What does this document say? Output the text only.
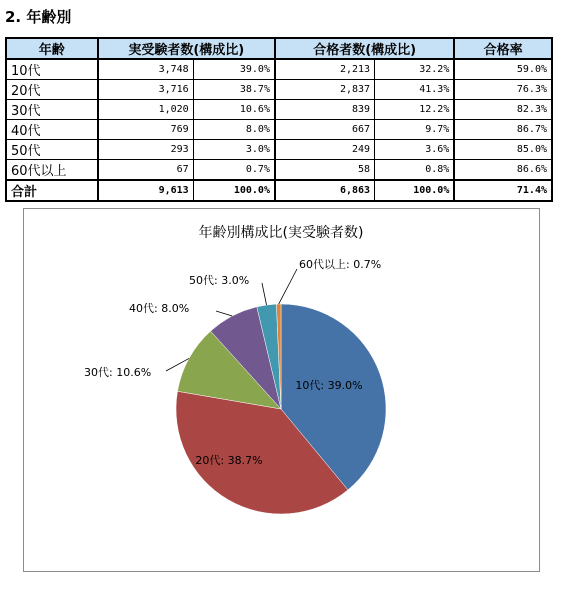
2. 年齢別
年齢	実受験者数(構成比)		合格者数(構成比)		合格率
10代	3,748	39.0%	2,213	32.2%	59.0%
20代	3,716	38.7%	2,837	41.3%	76.3%
30代	1,020	10.6%	839	12.2%	82.3%
40代	769	8.0%	667	9.7%	86.7%
50代	293	3.0%	249	3.6%	85.0%
60代以上	67	0.7%	58	0.8%	86.6%
合計	9,613	100.0%	6,863	100.0%	71.4%
年齢別構成比(実受験者数)
10代: 39.0%
20代: 38.7%
30代: 10.6%
40代: 8.0%
50代: 3.0%
60代以上: 0.7%
